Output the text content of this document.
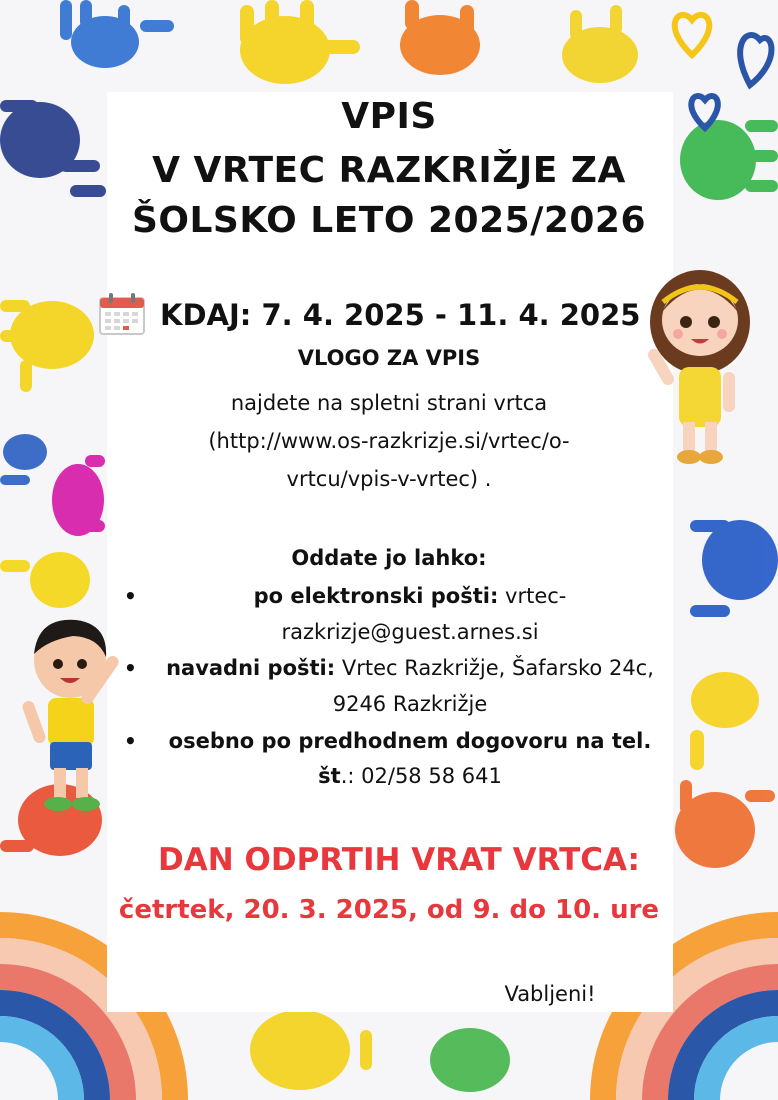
VPIS
V VRTEC RAZKRIŽJE ZA
ŠOLSKO LETO 2025/2026
KDAJ: 7. 4. 2025 - 11. 4. 2025
VLOGO ZA VPIS
najdete na spletni strani vrtca
(http://www.os-razkrizje.si/vrtec/o-
vrtcu/vpis-v-vrtec) .
Oddate jo lahko:
•	po elektronski pošti: vrtec-
razkrizje@guest.arnes.si
•	navadni pošti: Vrtec Razkrižje, Šafarsko 24c,
9246 Razkrižje
•	osebno po predhodnem dogovoru na tel.
št.: 02/58 58 641
DAN ODPRTIH VRAT VRTCA:
četrtek, 20. 3. 2025, od 9. do 10. ure
Vabljeni!
